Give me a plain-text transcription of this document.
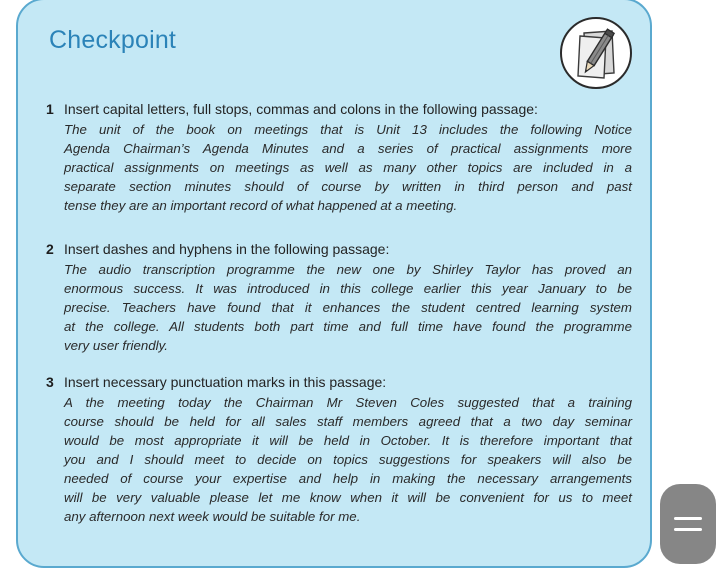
Checkpoint
1 Insert capital letters, full stops, commas and colons in the following passage:
The unit of the book on meetings that is Unit 13 includes the following Notice
Agenda Chairman’s Agenda Minutes and a series of practical assignments more
practical assignments on meetings as well as many other topics are included in a
separate section minutes should of course by written in third person and past
tense they are an important record of what happened at a meeting.
2 Insert dashes and hyphens in the following passage:
The audio transcription programme the new one by Shirley Taylor has proved an
enormous success. It was introduced in this college earlier this year January to be
precise. Teachers have found that it enhances the student centred learning system
at the college. All students both part time and full time have found the programme
very user friendly.
3 Insert necessary punctuation marks in this passage:
A the meeting today the Chairman Mr Steven Coles suggested that a training
course should be held for all sales staff members agreed that a two day seminar
would be most appropriate it will be held in October. It is therefore important that
you and I should meet to decide on topics suggestions for speakers will also be
needed of course your expertise and help in making the necessary arrangements
will be very valuable please let me know when it will be convenient for us to meet
any afternoon next week would be suitable for me.
